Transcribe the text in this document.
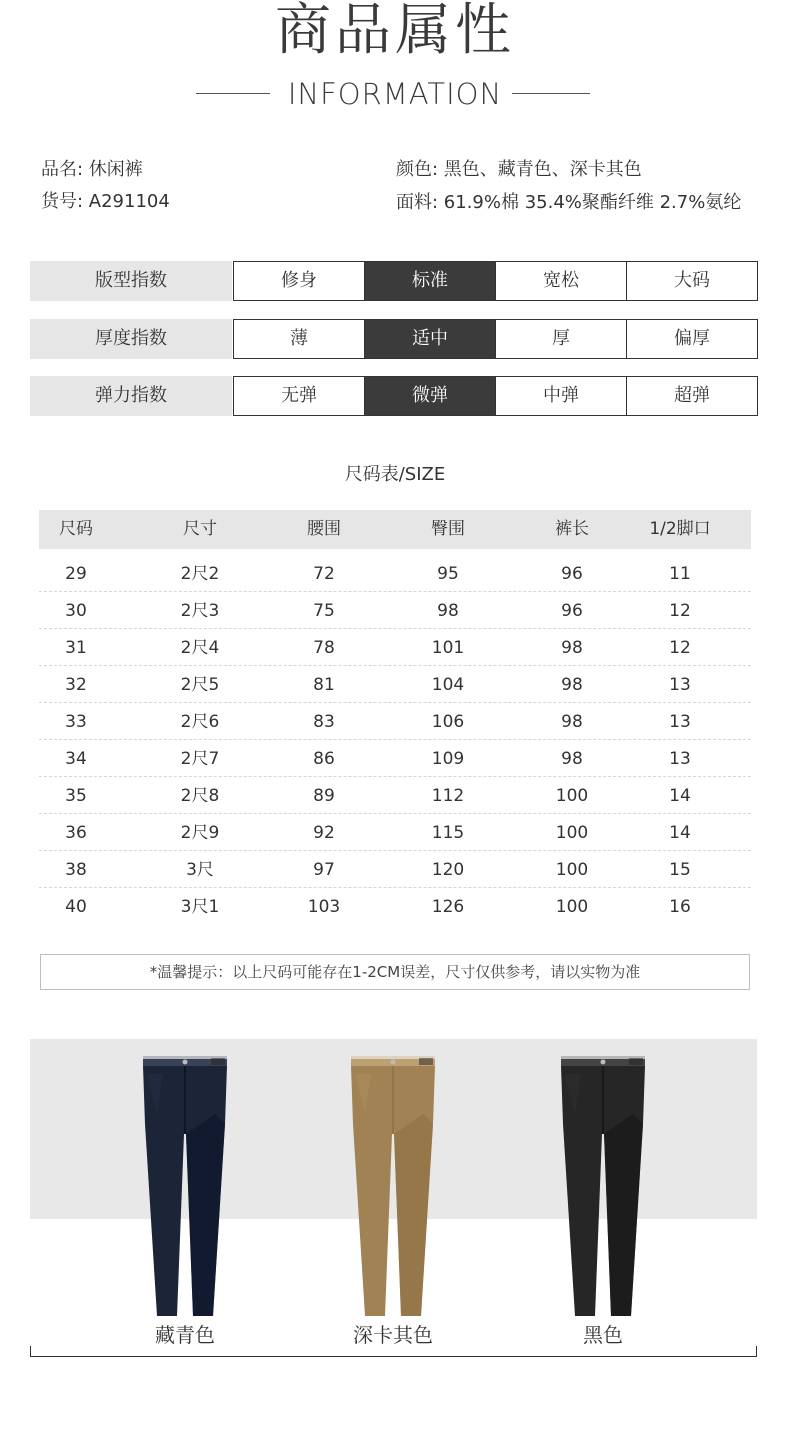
商品属性
INFORMATION
品名: 休闲裤
货号: A291104
颜色: 黑色、藏青色、深卡其色
面料: 61.9%棉 35.4%聚酯纤维 2.7%氨纶
版型指数	修身	标准	宽松	大码
厚度指数	薄	适中	厚	偏厚
弹力指数	无弹	微弹	中弹	超弹
尺码表/SIZE
尺码	尺寸	腰围	臀围	裤长	1/2脚口
29	2尺2	72	95	96	11
30	2尺3	75	98	96	12
31	2尺4	78	101	98	12
32	2尺5	81	104	98	13
33	2尺6	83	106	98	13
34	2尺7	86	109	98	13
35	2尺8	89	112	100	14
36	2尺9	92	115	100	14
38	3尺	97	120	100	15
40	3尺1	103	126	100	16
*温馨提示：以上尺码可能存在1-2CM误差，尺寸仅供参考，请以实物为准
藏青色	深卡其色	黑色
